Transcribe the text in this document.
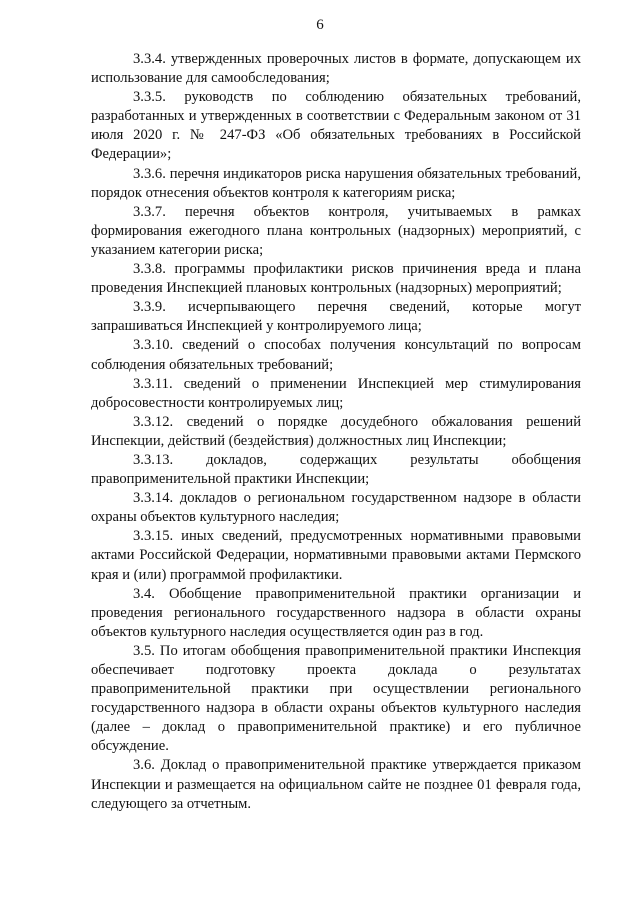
6

3.3.4. утвержденных проверочных листов в формате, допускающем их использование для самообследования;

3.3.5. руководств по соблюдению обязательных требований, разработанных и утвержденных в соответствии с Федеральным законом от 31 июля 2020 г. № 247-ФЗ «Об обязательных требованиях в Российской Федерации»;

3.3.6. перечня индикаторов риска нарушения обязательных требований, порядок отнесения объектов контроля к категориям риска;

3.3.7. перечня объектов контроля, учитываемых в рамках формирования ежегодного плана контрольных (надзорных) мероприятий, с указанием категории риска;

3.3.8. программы профилактики рисков причинения вреда и плана проведения Инспекцией плановых контрольных (надзорных) мероприятий;

3.3.9. исчерпывающего перечня сведений, которые могут запрашиваться Инспекцией у контролируемого лица;

3.3.10. сведений о способах получения консультаций по вопросам соблюдения обязательных требований;

3.3.11. сведений о применении Инспекцией мер стимулирования добросовестности контролируемых лиц;

3.3.12. сведений о порядке досудебного обжалования решений Инспекции, действий (бездействия) должностных лиц Инспекции;

3.3.13. докладов, содержащих результаты обобщения правоприменительной практики Инспекции;

3.3.14. докладов о региональном государственном надзоре в области охраны объектов культурного наследия;

3.3.15. иных сведений, предусмотренных нормативными правовыми актами Российской Федерации, нормативными правовыми актами Пермского края и (или) программой профилактики.

3.4. Обобщение правоприменительной практики организации и проведения регионального государственного надзора в области охраны объектов культурного наследия осуществляется один раз в год.

3.5. По итогам обобщения правоприменительной практики Инспекция обеспечивает подготовку проекта доклада о результатах правоприменительной практики при осуществлении регионального государственного надзора в области охраны объектов культурного наследия (далее – доклад о правоприменительной практике) и его публичное обсуждение.

3.6. Доклад о правоприменительной практике утверждается приказом Инспекции и размещается на официальном сайте не позднее 01 февраля года, следующего за отчетным.
